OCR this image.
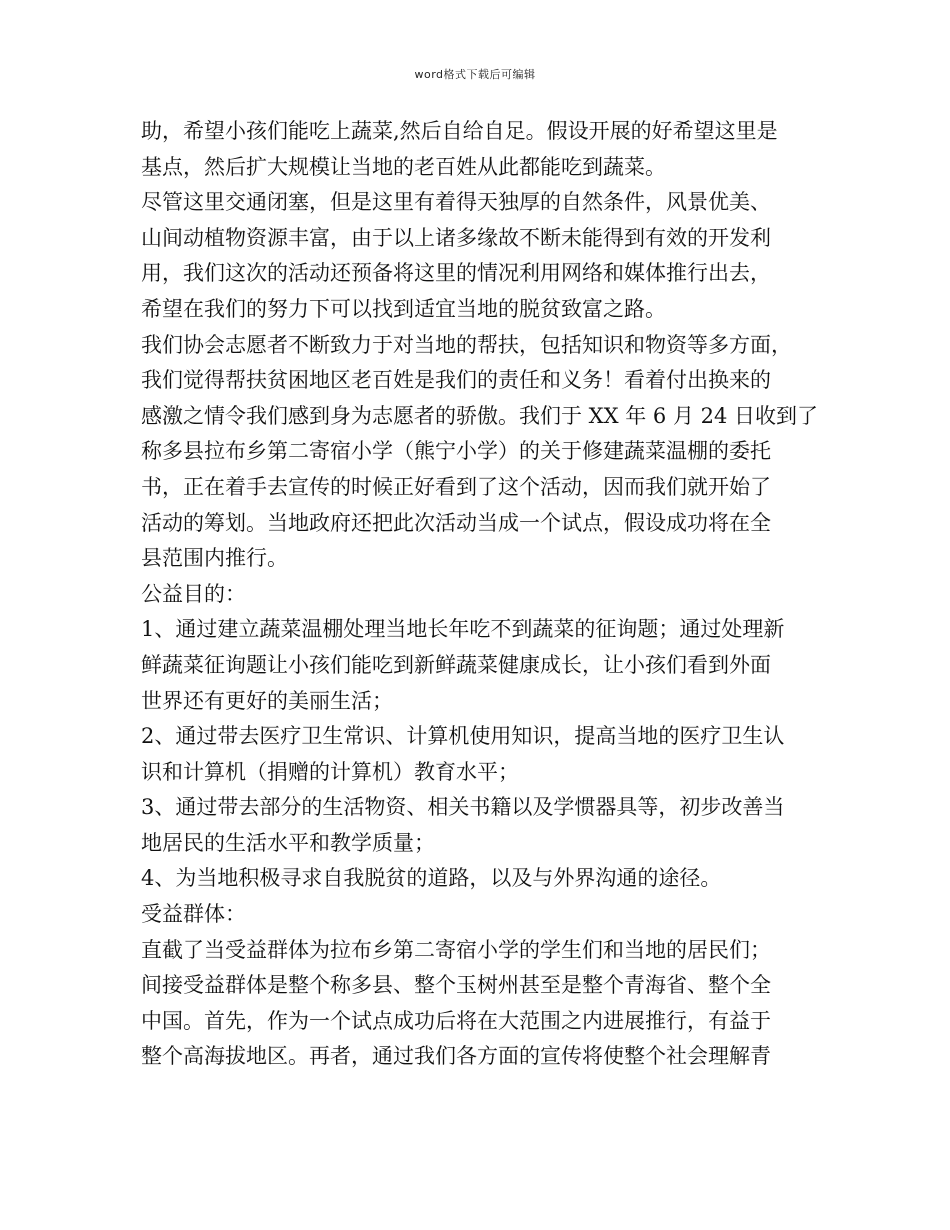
word格式下载后可编辑
助，希望小孩们能吃上蔬菜,然后自给自足。假设开展的好希望这里是
基点，然后扩大规模让当地的老百姓从此都能吃到蔬菜。
尽管这里交通闭塞，但是这里有着得天独厚的自然条件，风景优美、
山间动植物资源丰富，由于以上诸多缘故不断未能得到有效的开发利
用，我们这次的活动还预备将这里的情况利用网络和媒体推行出去，
希望在我们的努力下可以找到适宜当地的脱贫致富之路。
我们协会志愿者不断致力于对当地的帮扶，包括知识和物资等多方面，
我们觉得帮扶贫困地区老百姓是我们的责任和义务！看着付出换来的
感激之情令我们感到身为志愿者的骄傲。我们于 XX 年 6 月 24 日收到了
称多县拉布乡第二寄宿小学（熊宁小学）的关于修建蔬菜温棚的委托
书，正在着手去宣传的时候正好看到了这个活动，因而我们就开始了
活动的筹划。当地政府还把此次活动当成一个试点，假设成功将在全
县范围内推行。
公益目的：
1、通过建立蔬菜温棚处理当地长年吃不到蔬菜的征询题；通过处理新
鲜蔬菜征询题让小孩们能吃到新鲜蔬菜健康成长，让小孩们看到外面
世界还有更好的美丽生活；
2、通过带去医疗卫生常识、计算机使用知识，提高当地的医疗卫生认
识和计算机（捐赠的计算机）教育水平；
3、通过带去部分的生活物资、相关书籍以及学惯器具等，初步改善当
地居民的生活水平和教学质量；
4、为当地积极寻求自我脱贫的道路，以及与外界沟通的途径。
受益群体：
直截了当受益群体为拉布乡第二寄宿小学的学生们和当地的居民们；
间接受益群体是整个称多县、整个玉树州甚至是整个青海省、整个全
中国。首先，作为一个试点成功后将在大范围之内进展推行，有益于
整个高海拔地区。再者，通过我们各方面的宣传将使整个社会理解青
